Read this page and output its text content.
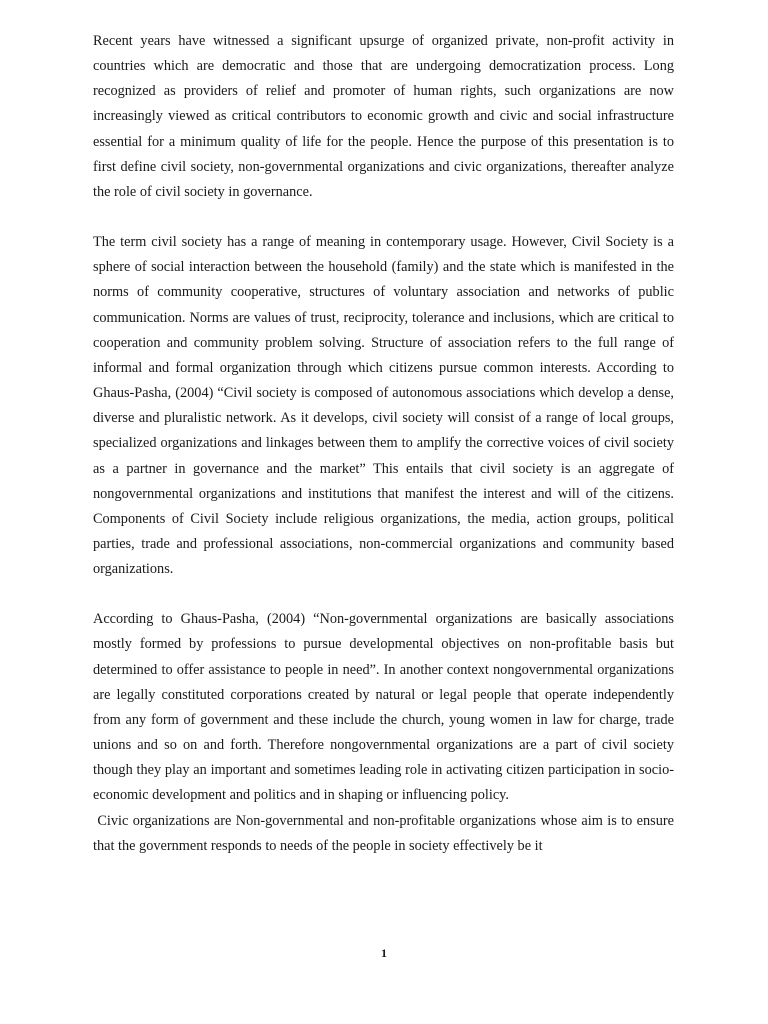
Recent years have witnessed a significant upsurge of organized private, non-profit activity in countries which are democratic and those that are undergoing democratization process. Long recognized as providers of relief and promoter of human rights, such organizations are now increasingly viewed as critical contributors to economic growth and civic and social infrastructure essential for a minimum quality of life for the people. Hence the purpose of this presentation is to first define civil society, non-governmental organizations and civic organizations, thereafter analyze the role of civil society in governance.

The term civil society has a range of meaning in contemporary usage. However, Civil Society is a sphere of social interaction between the household (family) and the state which is manifested in the norms of community cooperative, structures of voluntary association and networks of public communication. Norms are values of trust, reciprocity, tolerance and inclusions, which are critical to cooperation and community problem solving. Structure of association refers to the full range of informal and formal organization through which citizens pursue common interests. According to Ghaus-Pasha, (2004) “Civil society is composed of autonomous associations which develop a dense, diverse and pluralistic network. As it develops, civil society will consist of a range of local groups, specialized organizations and linkages between them to amplify the corrective voices of civil society as a partner in governance and the market” This entails that civil society is an aggregate of nongovernmental organizations and institutions that manifest the interest and will of the citizens. Components of Civil Society include religious organizations, the media, action groups, political parties, trade and professional associations, non-commercial organizations and community based organizations.

According to Ghaus-Pasha, (2004) “Non-governmental organizations are basically associations mostly formed by professions to pursue developmental objectives on non-profitable basis but determined to offer assistance to people in need”. In another context nongovernmental organizations are legally constituted corporations created by natural or legal people that operate independently from any form of government and these include the church, young women in law for charge, trade unions and so on and forth. Therefore nongovernmental organizations are a part of civil society though they play an important and sometimes leading role in activating citizen participation in socio-economic development and politics and in shaping or influencing policy.

Civic organizations are Non-governmental and non-profitable organizations whose aim is to ensure that the government responds to needs of the people in society effectively be it

1
